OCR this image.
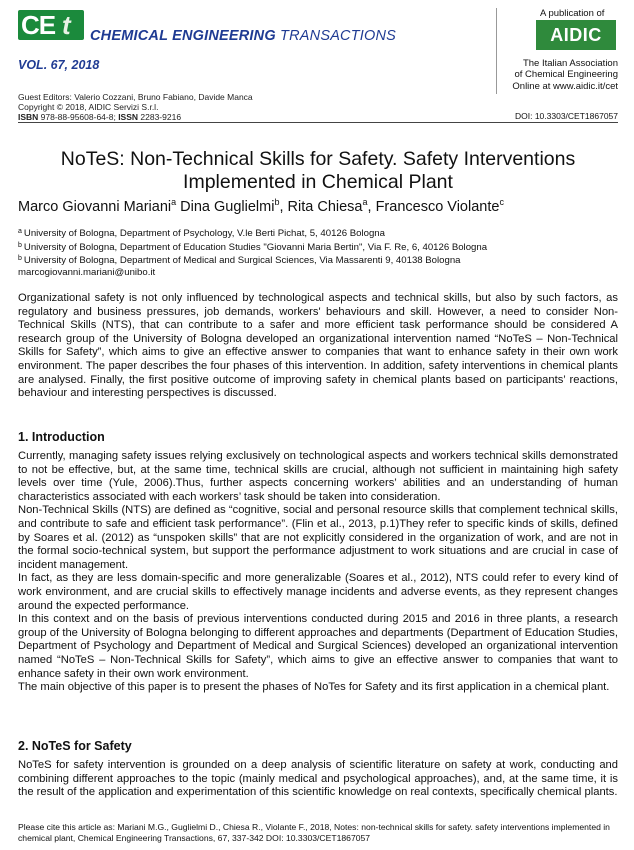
CE t CHEMICAL ENGINEERING TRANSACTIONS
VOL. 67, 2018
A publication of
AIDIC
The Italian Association
of Chemical Engineering
Online at www.aidic.it/cet
Guest Editors: Valerio Cozzani, Bruno Fabiano, Davide Manca
Copyright © 2018, AIDIC Servizi S.r.l.
ISBN 978-88-95608-64-8; ISSN 2283-9216	DOI: 10.3303/CET1867057
NoTeS: Non-Technical Skills for Safety. Safety Interventions
Implemented in Chemical Plant
Marco Giovanni Mariani$^a$ Dina Guglielmi$^b$, Rita Chiesa$^a$, Francesco Violante$^c$
$^a$ University of Bologna, Department of Psychology, V.le Berti Pichat, 5, 40126 Bologna
$^b$ University of Bologna, Department of Education Studies "Giovanni Maria Bertin", Via F. Re, 6, 40126 Bologna
$^b$ University of Bologna, Department of Medical and Surgical Sciences, Via Massarenti 9, 40138 Bologna
marcogiovanni.mariani@unibo.it

Organizational safety is not only influenced by technological aspects and technical skills, but also by such factors, as regulatory and business pressures, job demands, workers' behaviours and skill. However, a need to consider Non-Technical Skills (NTS), that can contribute to a safer and more efficient task performance should be considered A research group of the University of Bologna developed an organizational intervention named “NoTeS – Non-Technical Skills for Safety”, which aims to give an effective answer to companies that want to enhance safety in their own work environment. The paper describes the four phases of this intervention. In addition, safety interventions in chemical plants are analysed. Finally, the first positive outcome of improving safety in chemical plants based on participants’ reactions, behaviour and interesting perspectives is discussed.

1. Introduction

Currently, managing safety issues relying exclusively on technological aspects and workers technical skills demonstrated to not be effective, but, at the same time, technical skills are crucial, although not sufficient in maintaining high safety levels over time (Yule, 2006).Thus, further aspects concerning workers’ abilities and an understanding of human characteristics associated with each workers’ task should be taken into consideration.

Non-Technical Skills (NTS) are defined as “cognitive, social and personal resource skills that complement technical skills, and contribute to safe and efficient task performance”. (Flin et al., 2013, p.1)They refer to specific kinds of skills, defined by Soares et al. (2012) as “unspoken skills” that are not explicitly considered in the organization of work, and are not in the formal socio-technical system, but support the performance adjustment to work situations and are crucial in case of incident management.

In fact, as they are less domain-specific and more generalizable (Soares et al., 2012), NTS could refer to every kind of work environment, and are crucial skills to effectively manage incidents and adverse events, as they represent changes around the expected performance.

In this context and on the basis of previous interventions conducted during 2015 and 2016 in three plants, a research group of the University of Bologna belonging to different approaches and departments (Department of Education Studies, Department of Psychology and Department of Medical and Surgical Sciences) developed an organizational intervention named “NoTeS – Non-Technical Skills for Safety”, which aims to give an effective answer to companies that want to enhance safety in their own work environment.

The main objective of this paper is to present the phases of NoTes for Safety and its first application in a chemical plant.

2. NoTeS for Safety

NoTeS for safety intervention is grounded on a deep analysis of scientific literature on safety at work, conducting and combining different approaches to the topic (mainly medical and psychological approaches), and, at the same time, it is the result of the application and experimentation of this scientific knowledge on real contexts, specifically chemical plants.

Please cite this article as: Mariani M.G., Guglielmi D., Chiesa R., Violante F., 2018, Notes: non-technical skills for safety. safety interventions implemented in chemical plant, Chemical Engineering Transactions, 67, 337-342 DOI: 10.3303/CET1867057
